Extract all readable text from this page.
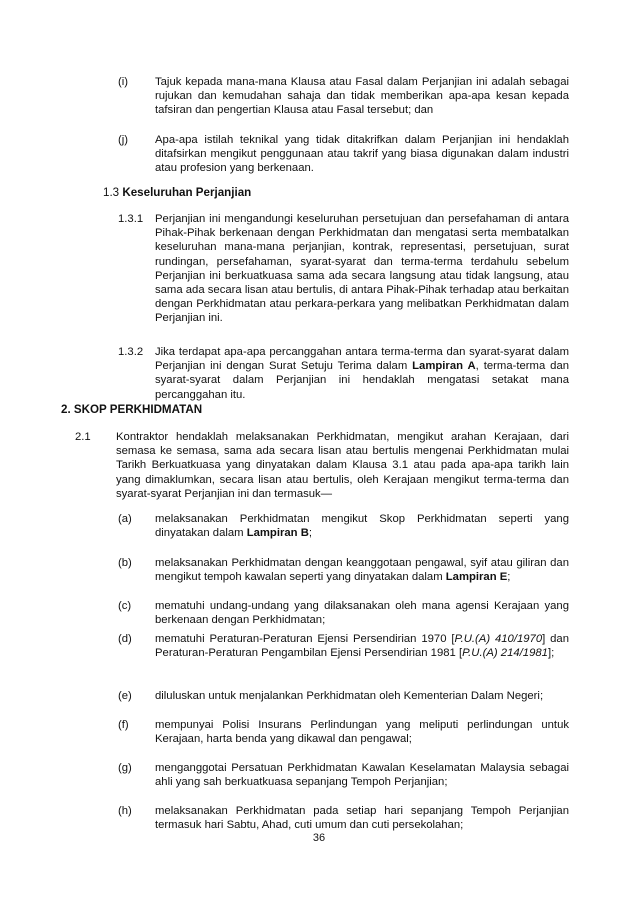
(i) Tajuk kepada mana-mana Klausa atau Fasal dalam Perjanjian ini adalah sebagai rujukan dan kemudahan sahaja dan tidak memberikan apa-apa kesan kepada tafsiran dan pengertian Klausa atau Fasal tersebut; dan
(j) Apa-apa istilah teknikal yang tidak ditakrifkan dalam Perjanjian ini hendaklah ditafsirkan mengikut penggunaan atau takrif yang biasa digunakan dalam industri atau profesion yang berkenaan.
1.3 Keseluruhan Perjanjian
1.3.1 Perjanjian ini mengandungi keseluruhan persetujuan dan persefahaman di antara Pihak-Pihak berkenaan dengan Perkhidmatan dan mengatasi serta membatalkan keseluruhan mana-mana perjanjian, kontrak, representasi, persetujuan, surat rundingan, persefahaman, syarat-syarat dan terma-terma terdahulu sebelum Perjanjian ini berkuatkuasa sama ada secara langsung atau tidak langsung, atau sama ada secara lisan atau bertulis, di antara Pihak-Pihak terhadap atau berkaitan dengan Perkhidmatan atau perkara-perkara yang melibatkan Perkhidmatan dalam Perjanjian ini.
1.3.2 Jika terdapat apa-apa percanggahan antara terma-terma dan syarat-syarat dalam Perjanjian ini dengan Surat Setuju Terima dalam Lampiran A, terma-terma dan syarat-syarat dalam Perjanjian ini hendaklah mengatasi setakat mana percanggahan itu.
2. SKOP PERKHIDMATAN
2.1 Kontraktor hendaklah melaksanakan Perkhidmatan, mengikut arahan Kerajaan, dari semasa ke semasa, sama ada secara lisan atau bertulis mengenai Perkhidmatan mulai Tarikh Berkuatkuasa yang dinyatakan dalam Klausa 3.1 atau pada apa-apa tarikh lain yang dimaklumkan, secara lisan atau bertulis, oleh Kerajaan mengikut terma-terma dan syarat-syarat Perjanjian ini dan termasuk—
(a) melaksanakan Perkhidmatan mengikut Skop Perkhidmatan seperti yang dinyatakan dalam Lampiran B;
(b) melaksanakan Perkhidmatan dengan keanggotaan pengawal, syif atau giliran dan mengikut tempoh kawalan seperti yang dinyatakan dalam Lampiran E;
(c) mematuhi undang-undang yang dilaksanakan oleh mana agensi Kerajaan yang berkenaan dengan Perkhidmatan;
(d) mematuhi Peraturan-Peraturan Ejensi Persendirian 1970 [P.U.(A) 410/1970] dan Peraturan-Peraturan Pengambilan Ejensi Persendirian 1981 [P.U.(A) 214/1981];
(e) diluluskan untuk menjalankan Perkhidmatan oleh Kementerian Dalam Negeri;
(f) mempunyai Polisi Insurans Perlindungan yang meliputi perlindungan untuk Kerajaan, harta benda yang dikawal dan pengawal;
(g) menganggotai Persatuan Perkhidmatan Kawalan Keselamatan Malaysia sebagai ahli yang sah berkuatkuasa sepanjang Tempoh Perjanjian;
(h) melaksanakan Perkhidmatan pada setiap hari sepanjang Tempoh Perjanjian termasuk hari Sabtu, Ahad, cuti umum dan cuti persekolahan;
36
